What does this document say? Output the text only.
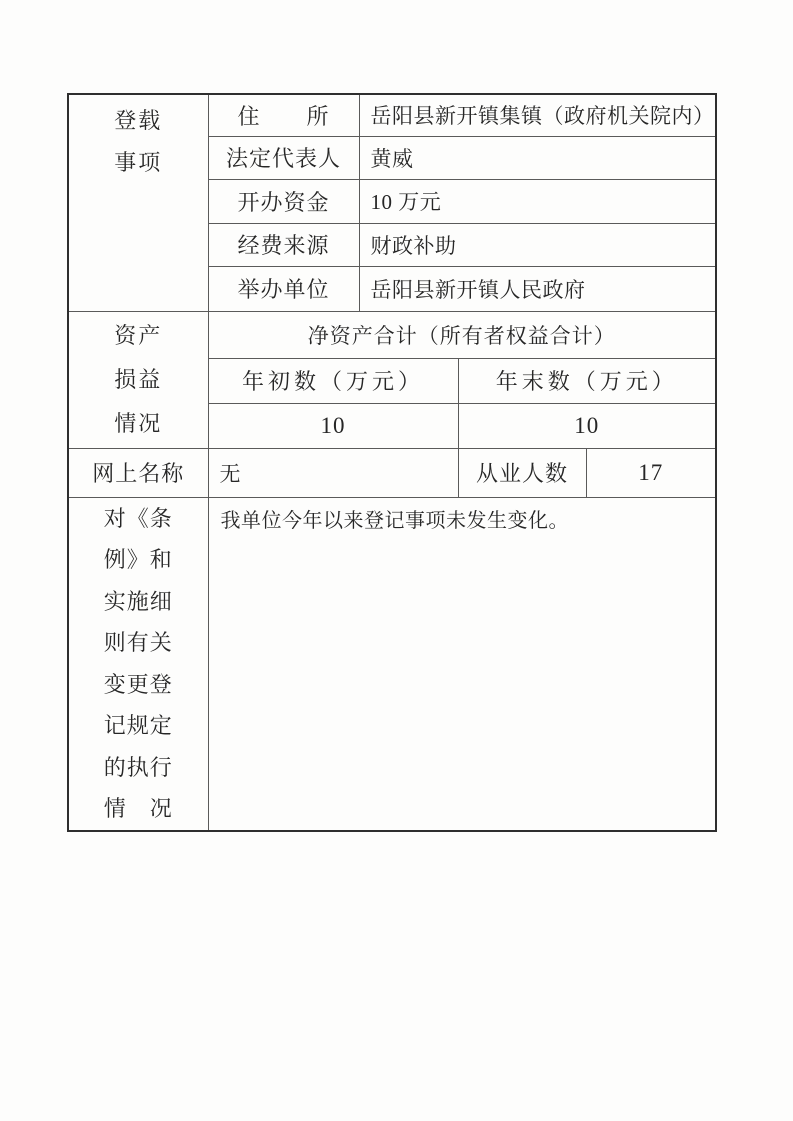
登载
事项	住　　所	岳阳县新开镇集镇（政府机关院内）		
	法定代表人	黄威		
	开办资金	10 万元		
	经费来源	财政补助		
	举办单位	岳阳县新开镇人民政府		

资产
损益
情况	净资产合计（所有者权益合计）			
	年初数（万元）		年末数（万元）	
	10		10	
网上名称	无		从业人数	17

对《条
例》和
实施细
则有关
变更登
记规定
的执行
情　况
	我单位今年以来登记事项未发生变化。
